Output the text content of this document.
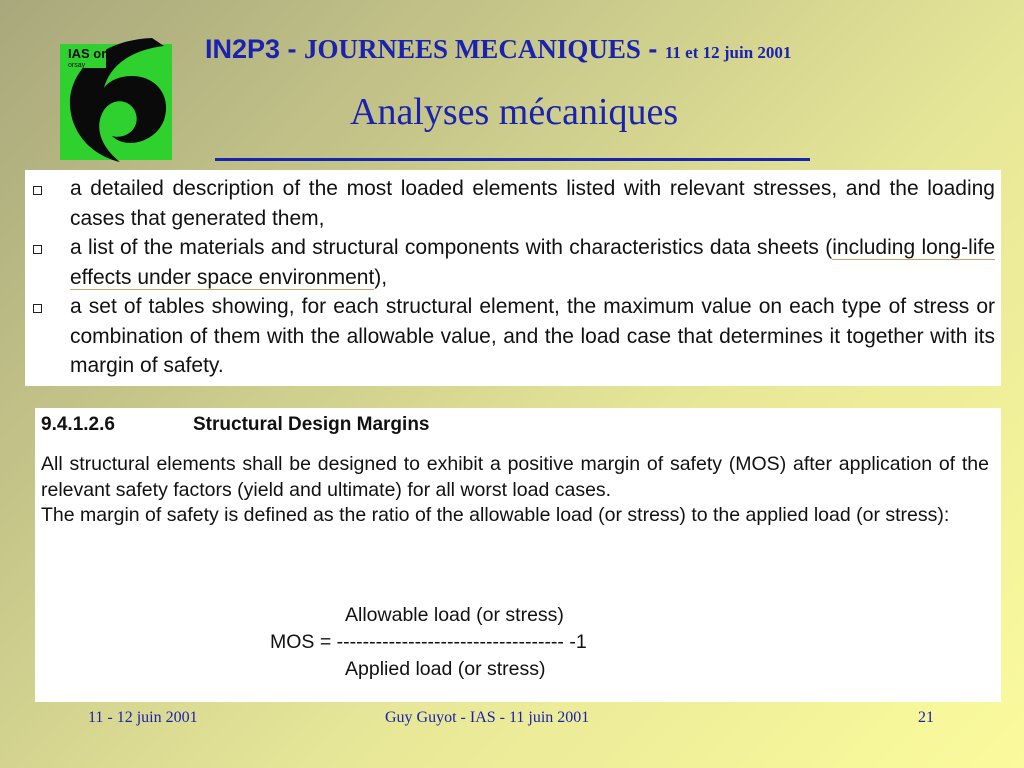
IAS orsay
orsay
IN2P3 - JOURNEES MECANIQUES - 11 et 12 juin 2001
Analyses mécaniques
a detailed description of the most loaded elements listed with relevant stresses, and the loading cases that generated them,
a list of the materials and structural components with characteristics data sheets (including long-life effects under space environment),
a set of tables showing, for each structural element, the maximum value on each type of stress or combination of them with the allowable value, and the load case that determines it together with its margin of safety.
9.4.1.2.6	Structural Design Margins

All structural elements shall be designed to exhibit a positive margin of safety (MOS) after application of the relevant safety factors (yield and ultimate) for all worst load cases.

The margin of safety is defined as the ratio of the allowable load (or stress) to the applied load (or stress):

Allowable load (or stress)
MOS = ----------------------------------- -1
Applied load (or stress)
11 - 12 juin 2001	Guy Guyot - IAS - 11 juin 2001	21
